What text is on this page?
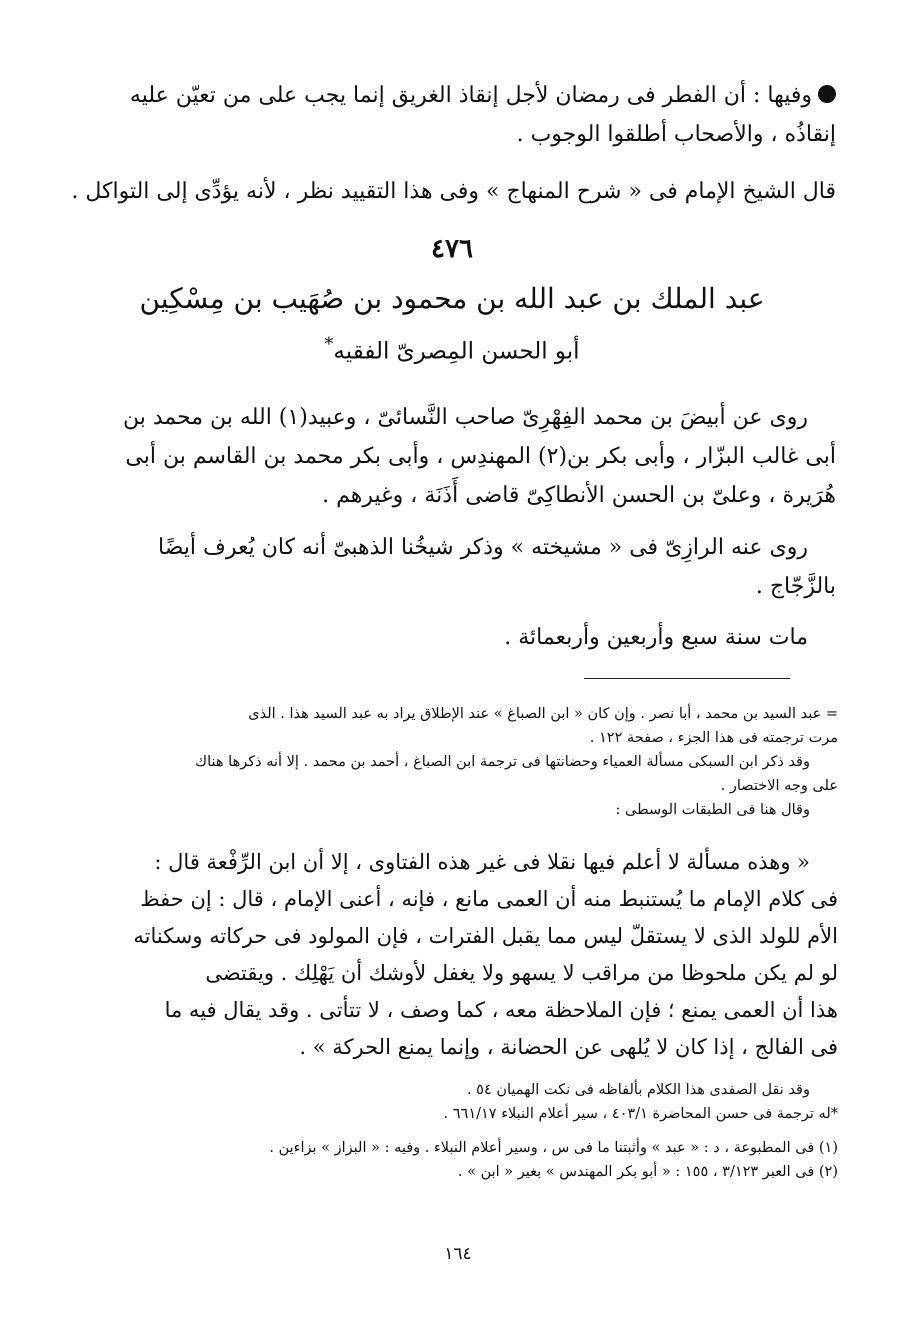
وفيها : أن الفطر فى رمضان لأجل إنقاذ الغريق إنما يجب على من تعيّن عليه
إنقاذُه ، والأصحاب أطلقوا الوجوب .
قال الشيخ الإمام فى « شرح المنهاج » وفى هذا التقييد نظر ، لأنه يؤدِّى إلى التواكل .
٤٧٦
عبد الملك بن عبد الله بن محمود بن صُهَيب بن مِسْكِين
أبو الحسن المِصرىّ الفقيه*
روى عن أبيضَ بن محمد الفِهْرِىّ صاحب النَّسائىّ ، وعبيد(١) الله بن محمد بن
أبى غالب البزّار ، وأبى بكر بن(٢) المهندِس ، وأبى بكر محمد بن القاسم بن أبى
هُرَيرة ، وعلىّ بن الحسن الأنطاكِىّ قاضى أَذَنَة ، وغيرهم .
روى عنه الرازِىّ فى « مشيخته » وذكر شيخُنا الذهبىّ أنه كان يُعرف أيضًا
بالزَّجّاج .
مات سنة سبع وأربعين وأربعمائة .
= عبد السيد بن محمد ، أبا نصر . وإن كان « ابن الصباغ » عند الإطلاق يراد به عبد السيد هذا . الذى
مرت ترجمته فى هذا الجزء ، صفحة ١٢٢ .
وقد ذكر ابن السبكى مسألة العمياء وحضانتها فى ترجمة ابن الصباغ ، أحمد بن محمد . إلا أنه ذكرها هناك
على وجه الاختصار .
وقال هنا فى الطبقات الوسطى :
« وهذه مسألة لا أعلم فيها نقلا فى غير هذه الفتاوى ، إلا أن ابن الرِّفْعة قال :
فى كلام الإمام ما يُستنبط منه أن العمى مانع ، فإنه ، أعنى الإمام ، قال : إن حفظ
الأم للولد الذى لا يستقلّ ليس مما يقبل الفترات ، فإن المولود فى حركاته وسكناته
لو لم يكن ملحوظا من مراقب لا يسهو ولا يغفل لأوشك أن يَهْلِك . ويقتضى
هذا أن العمى يمنع ؛ فإن الملاحظة معه ، كما وصف ، لا تتأتى . وقد يقال فيه ما
فى الفالج ، إذا كان لا يُلهى عن الحضانة ، وإنما يمنع الحركة » .
وقد نقل الصفدى هذا الكلام بألفاظه فى نكت الهميان ٥٤ .
*له ترجمة فى حسن المحاضرة ٤٠٣/١ ، سير أعلام النبلاء ٦٦١/١٧ .
(١) فى المطبوعة ، د : « عبد » وأثبتنا ما فى س ، وسير أعلام النبلاء . وفيه : « البزاز » بزاءين .
(٢) فى العبر ٣/١٢٣ ، ١٥٥ : « أبو بكر المهندس » بغير « ابن » .
١٦٤
